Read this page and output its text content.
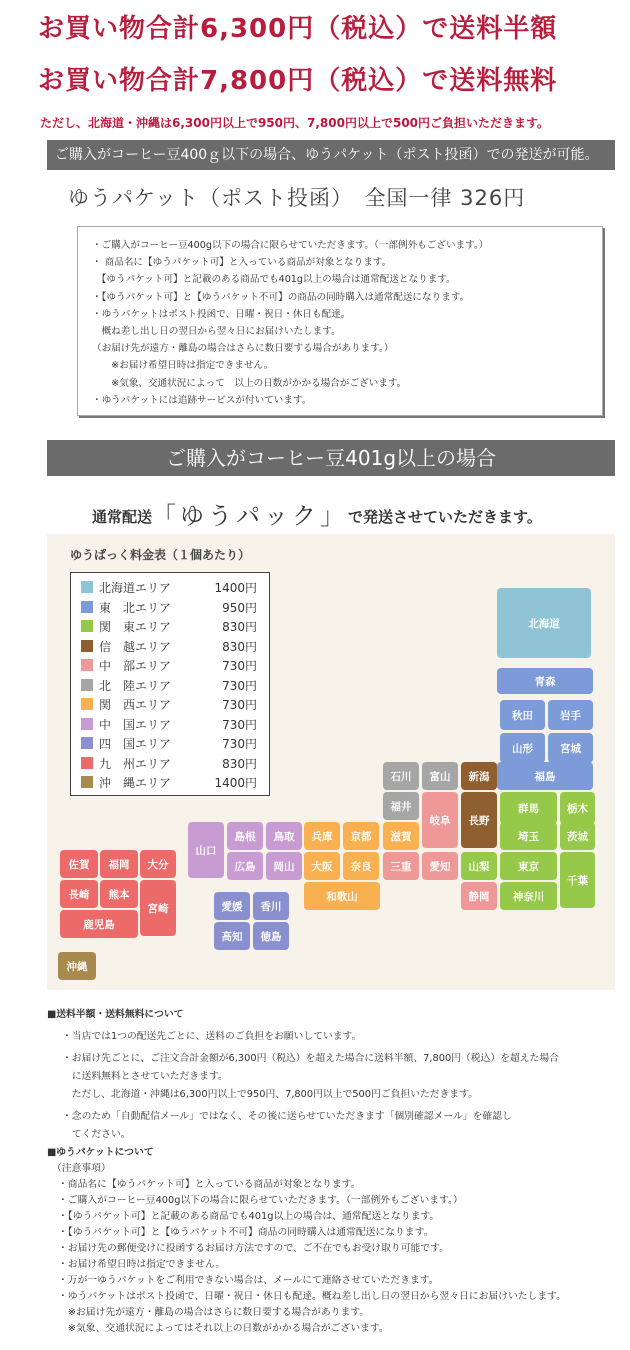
お買い物合計6,300円（税込）で送料半額
お買い物合計7,800円（税込）で送料無料
ただし、北海道・沖縄は6,300円以上で950円、7,800円以上で500円ご負担いただきます。
ご購入がコーヒー豆400ｇ以下の場合、ゆうパケット（ポスト投函）での発送が可能。
ゆうパケット（ポスト投函）　全国一律 326円
・ご購入がコーヒー豆400g以下の場合に限らせていただきます。（一部例外もございます。）
・ 商品名に【ゆうパケット可】と入っている商品が対象となります。
　【ゆうパケット可】と記載のある商品でも401g以上の場合は通常配送となります。
・【ゆうパケット可】と【ゆうパケット不可】の商品の同時購入は通常配送になります。
・ゆうパケットはポスト投函で、日曜・祝日・休日も配達。
　概ね差し出し日の翌日から翌々日にお届けいたします。
（お届け先が遠方・離島の場合はさらに数日要する場合があります。）
　　※お届け希望日時は指定できません。
　　※気象、交通状況によって　以上の日数がかかる場合がございます。
・ゆうパケットには追跡サービスが付いています。
ご購入がコーヒー豆401g以上の場合
通常配送「ゆうパック」で発送させていただきます。
ゆうぱっく料金表（１個あたり）
北海道エリア	1400円
東　北エリア	950円
関　東エリア	830円
信　越エリア	830円
中　部エリア	730円
北　陸エリア	730円
関　西エリア	730円
中　国エリア	730円
四　国エリア	730円
九　州エリア	830円
沖　縄エリア	1400円
■送料半額・送料無料について
・当店では1つの配送先ごとに、送料のご負担をお願いしています。
・お届け先ごとに、ご注文合計金額が6,300円（税込）を超えた場合に送料半額、7,800円（税込）を超えた場合
　に送料無料とさせていただきます。
　ただし、北海道・沖縄は6,300円以上で950円、7,800円以上で500円ご負担いただきます。
・念のため「自動配信メール」ではなく、その後に送らせていただきます「個別確認メール」を確認し
　てください。
■ゆうパケットについて
（注意事項）
・商品名に【ゆうパケット可】と入っている商品が対象となります。
・ご購入がコーヒー豆400g以下の場合に限らせていただきます。（一部例外もございます。）
・【ゆうパケット可】と記載のある商品でも401g以上の場合は、通常配送となります。
・【ゆうパケット可】と【ゆうパケット不可】商品の同時購入は通常配送になります。
・お届け先の郵便受けに投函するお届け方法ですので、ご不在でもお受け取り可能です。
・お届け希望日時は指定できません。
・万が一ゆうパケットをご利用できない場合は、メールにて連絡させていただきます。
・ゆうパケットはポスト投函で、日曜・祝日・休日も配達。概ね差し出し日の翌日から翌々日にお届けいたします。
　※お届け先が遠方・離島の場合はさらに数日要する場合があります。
　※気象、交通状況によってはそれ以上の日数がかかる場合がございます。
北海道
青森
秋田	岩手
山形	宮城
福島
新潟
長野
石川	富山
福井
岐阜
愛知
三重
静岡
山梨
群馬	栃木
埼玉	茨城
東京
千葉
神奈川
兵庫	京都	滋賀
大阪	奈良
和歌山
山口
島根	鳥取
広島	岡山
愛媛	香川
高知	徳島
佐賀	福岡	大分
長崎	熊本
宮崎
鹿児島
沖縄
